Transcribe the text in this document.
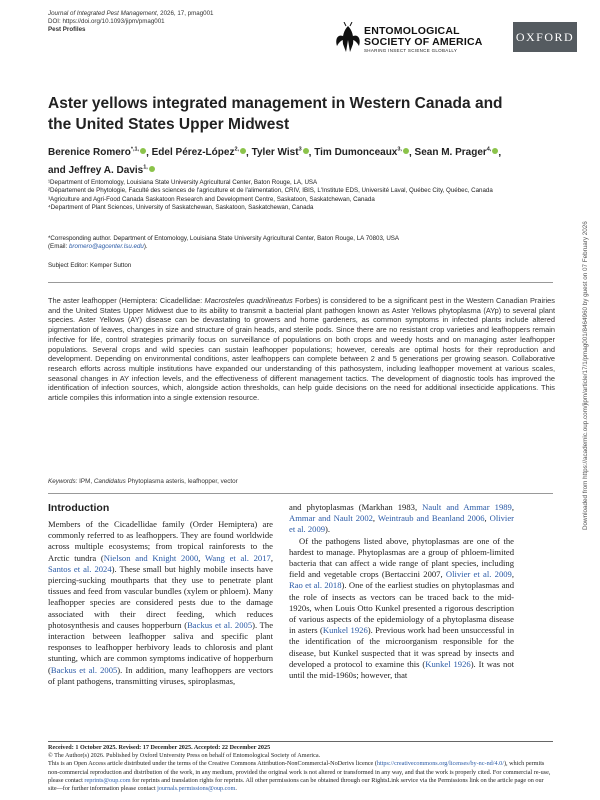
Journal of Integrated Pest Management, 2026, 17, pmag001
DOI: https://doi.org/10.1093/jipm/pmag001
Pest Profiles	ENTOMOLOGICAL
SOCIETY OF AMERICA
SHARING INSECT SCIENCE GLOBALLY
OXFORD
Aster yellows integrated management in Western Canada and the United States Upper Midwest
Berenice Romero$^{*,1,}$ , Edel Pérez-López$^{2,}$ , Tyler Wist$^3$ , Tim Dumonceaux$^{3,}$ , Sean M. Prager$^{4,}$ ,
and Jeffrey A. Davis$^{1,}$
¹Department of Entomology, Louisiana State University Agricultural Center, Baton Rouge, LA, USA
²Département de Phytologie, Faculté des sciences de l'agriculture et de l'alimentation, CRIV, IBIS, L'Institute EDS, Université Laval, Québec City, Québec, Canada
³Agriculture and Agri-Food Canada Saskatoon Research and Development Centre, Saskatoon, Saskatchewan, Canada
⁴Department of Plant Sciences, University of Saskatchewan, Saskatoon, Saskatchewan, Canada
*Corresponding author. Department of Entomology, Louisiana State University Agricultural Center, Baton Rouge, LA 70803, USA
(Email: bromero@agcenter.lsu.edu).
Subject Editor: Kemper Sutton
The aster leafhopper (Hemiptera: Cicadellidae: Macrosteles quadrilineatus Forbes) is considered to be a significant pest in the Western Canadian Prairies and the United States Upper Midwest due to its ability to transmit a bacterial plant pathogen known as Aster Yellows phytoplasma (AYp) to several plant species. Aster Yellows (AY) disease can be devastating to growers and home gardeners, as common symptoms in infected plants include altered pigmentation of leaves, changes in size and structure of grain heads, and sterile pods. Since there are no resistant crop varieties and leafhoppers remain infective for life, control strategies primarily focus on surveillance of populations on both crops and weedy hosts and on managing aster leafhopper populations. Several crops and wild species can sustain leafhopper populations; however, cereals are optimal hosts for their reproduction and development. Depending on environmental conditions, aster leafhoppers can complete between 2 and 5 generations per growing season. Collaborative research efforts across multiple institutions have expanded our understanding of this pathosystem, including leafhopper movement at various scales, seasonal changes in AY infection levels, and the effectiveness of different management tactics. The development of diagnostic tools has improved the identification of infection sources, which, alongside action thresholds, can help guide decisions on the need for additional insecticide applications. This article compiles this information into a single extension resource.
Keywords: IPM, Candidatus Phytoplasma asteris, leafhopper, vector
Introduction

Members of the Cicadellidae family (Order Hemiptera) are commonly referred to as leafhoppers. They are found worldwide across multiple ecosystems; from tropical rainforests to the Arctic tundra (Nielson and Knight 2000, Wang et al. 2017, Santos et al. 2024). These small but highly mobile insects have piercing-sucking mouthparts that they use to penetrate plant tissues and feed from vascular bundles (xylem or phloem). Many leafhopper species are considered pests due to the damage associated with their direct feeding, which reduces photosynthesis and causes hopperburn (Backus et al. 2005). The interaction between leafhopper saliva and specific plant responses to leafhopper herbivory leads to chlorosis and plant stunting, which are common symptoms indicative of hopperburn (Backus et al. 2005). In addition, many leafhoppers are vectors of plant pathogens, transmitting viruses, spiroplasmas,

and phytoplasmas (Markhan 1983, Nault and Ammar 1989, Ammar and Nault 2002, Weintraub and Beanland 2006, Olivier et al. 2009).

Of the pathogens listed above, phytoplasmas are one of the hardest to manage. Phytoplasmas are a group of phloem-limited bacteria that can affect a wide range of plant species, including field and vegetable crops (Bertaccini 2007, Olivier et al. 2009, Rao et al. 2018). One of the earliest studies on phytoplasmas and the role of insects as vectors can be traced back to the mid-1920s, when Louis Otto Kunkel presented a rigorous description of various aspects of the epidemiology of a phytoplasma disease in asters (Kunkel 1926). Previous work had been unsuccessful in the identification of the microorganism responsible for the disease, but Kunkel suspected that it was spread by insects and developed a protocol to examine this (Kunkel 1926). It was not until the mid-1960s; however, that

Received: 1 October 2025. Revised: 17 December 2025. Accepted: 22 December 2025
© The Author(s) 2026. Published by Oxford University Press on behalf of Entomological Society of America.
This is an Open Access article distributed under the terms of the Creative Commons Attribution-NonCommercial-NoDerivs licence (https://creativecommons.org/licenses/by-nc-nd/4.0/), which permits non-commercial reproduction and distribution of the work, in any medium, provided the original work is not altered or transformed in any way, and that the work is properly cited. For commercial re-use, please contact reprints@oup.com for reprints and translation rights for reprints. All other permissions can be obtained through our RightsLink service via the Permissions link on the article page on our site—for further information please contact journals.permissions@oup.com.
Downloaded from https://academic.oup.com/jipm/article/17/1/pmag001/8464960 by guest on 07 February 2026
